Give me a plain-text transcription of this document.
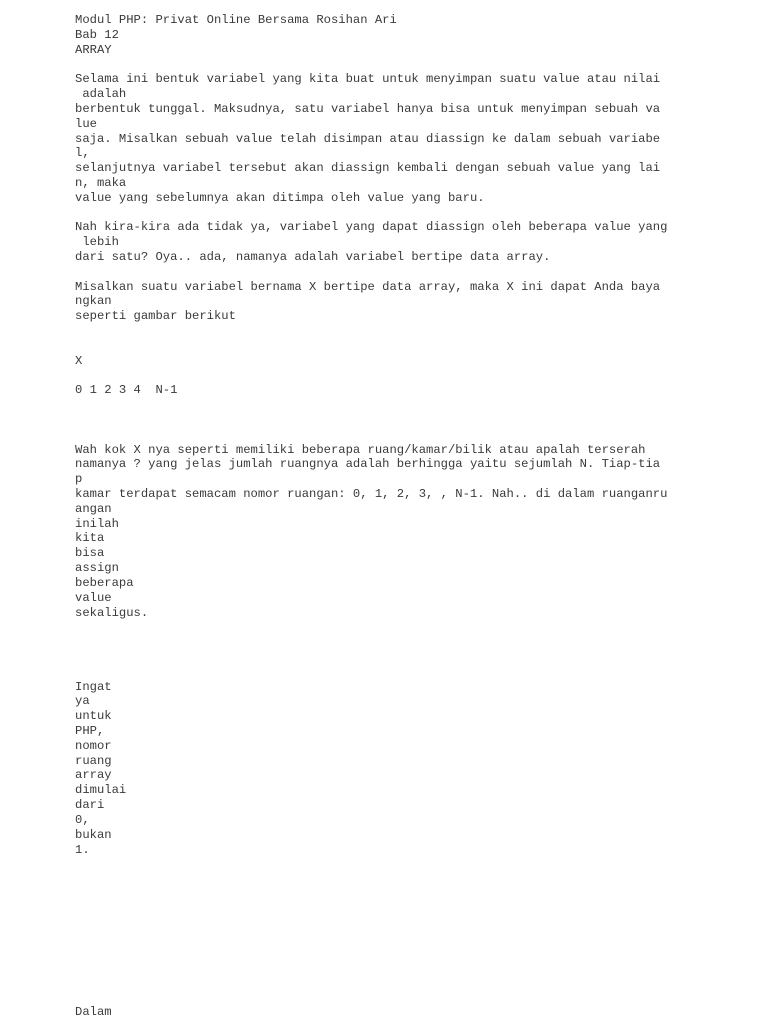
Modul PHP: Privat Online Bersama Rosihan Ari
Bab 12
ARRAY

Selama ini bentuk variabel yang kita buat untuk menyimpan suatu value atau nilai
adalah
berbentuk tunggal. Maksudnya, satu variabel hanya bisa untuk menyimpan sebuah va
lue
saja. Misalkan sebuah value telah disimpan atau diassign ke dalam sebuah variabe
l,
selanjutnya variabel tersebut akan diassign kembali dengan sebuah value yang lai
n, maka
value yang sebelumnya akan ditimpa oleh value yang baru.

Nah kira-kira ada tidak ya, variabel yang dapat diassign oleh beberapa value yang
lebih
dari satu? Oya.. ada, namanya adalah variabel bertipe data array.

Misalkan suatu variabel bernama X bertipe data array, maka X ini dapat Anda baya
ngkan
seperti gambar berikut

X

0 1 2 3 4  N-1

Wah kok X nya seperti memiliki beberapa ruang/kamar/bilik atau apalah terserah
namanya ? yang jelas jumlah ruangnya adalah berhingga yaitu sejumlah N. Tiap-tia
p
kamar terdapat semacam nomor ruangan: 0, 1, 2, 3, , N-1. Nah.. di dalam ruanganru
angan
inilah
kita
bisa
assign
beberapa
value
sekaligus.

Ingat
ya
untuk
PHP,
nomor
ruang
array
dimulai
dari
0,
bukan
1.

Dalam
